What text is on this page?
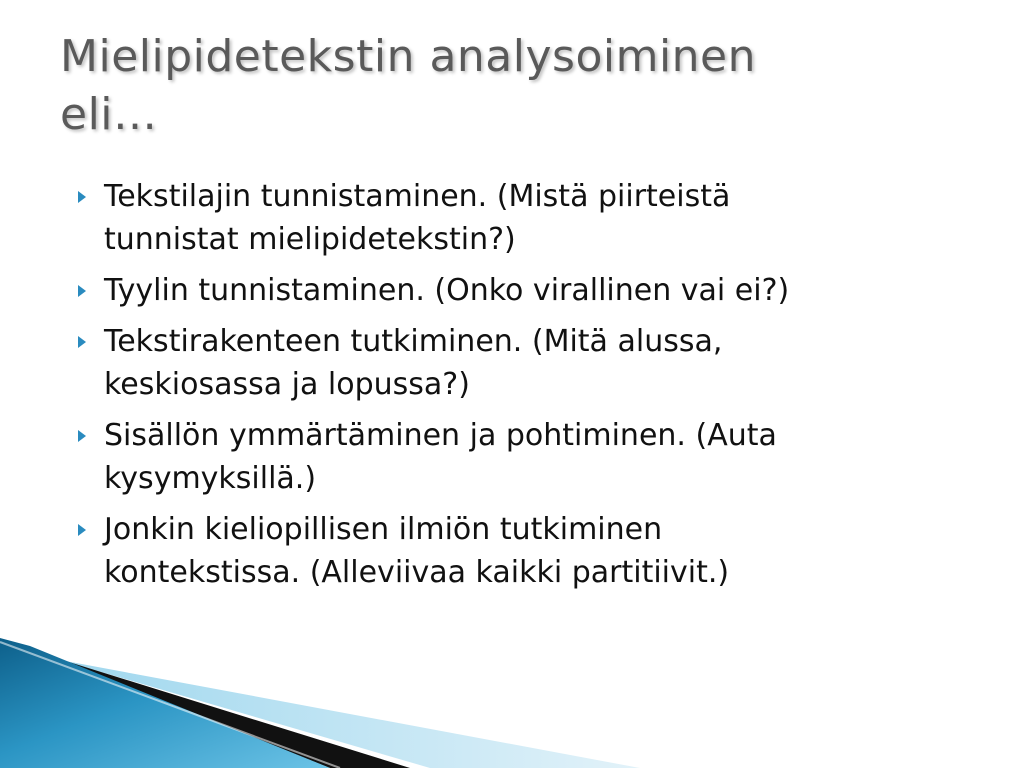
Mielipidetekstin analysoiminen
eli…
Tekstilajin tunnistaminen. (Mistä piirteistä
tunnistat mielipidetekstin?)
Tyylin tunnistaminen. (Onko virallinen vai ei?)
Tekstirakenteen tutkiminen. (Mitä alussa,
keskiosassa ja lopussa?)
Sisällön ymmärtäminen ja pohtiminen. (Auta
kysymyksillä.)
Jonkin kieliopillisen ilmiön tutkiminen
kontekstissa. (Alleviivaa kaikki partitiivit.)
